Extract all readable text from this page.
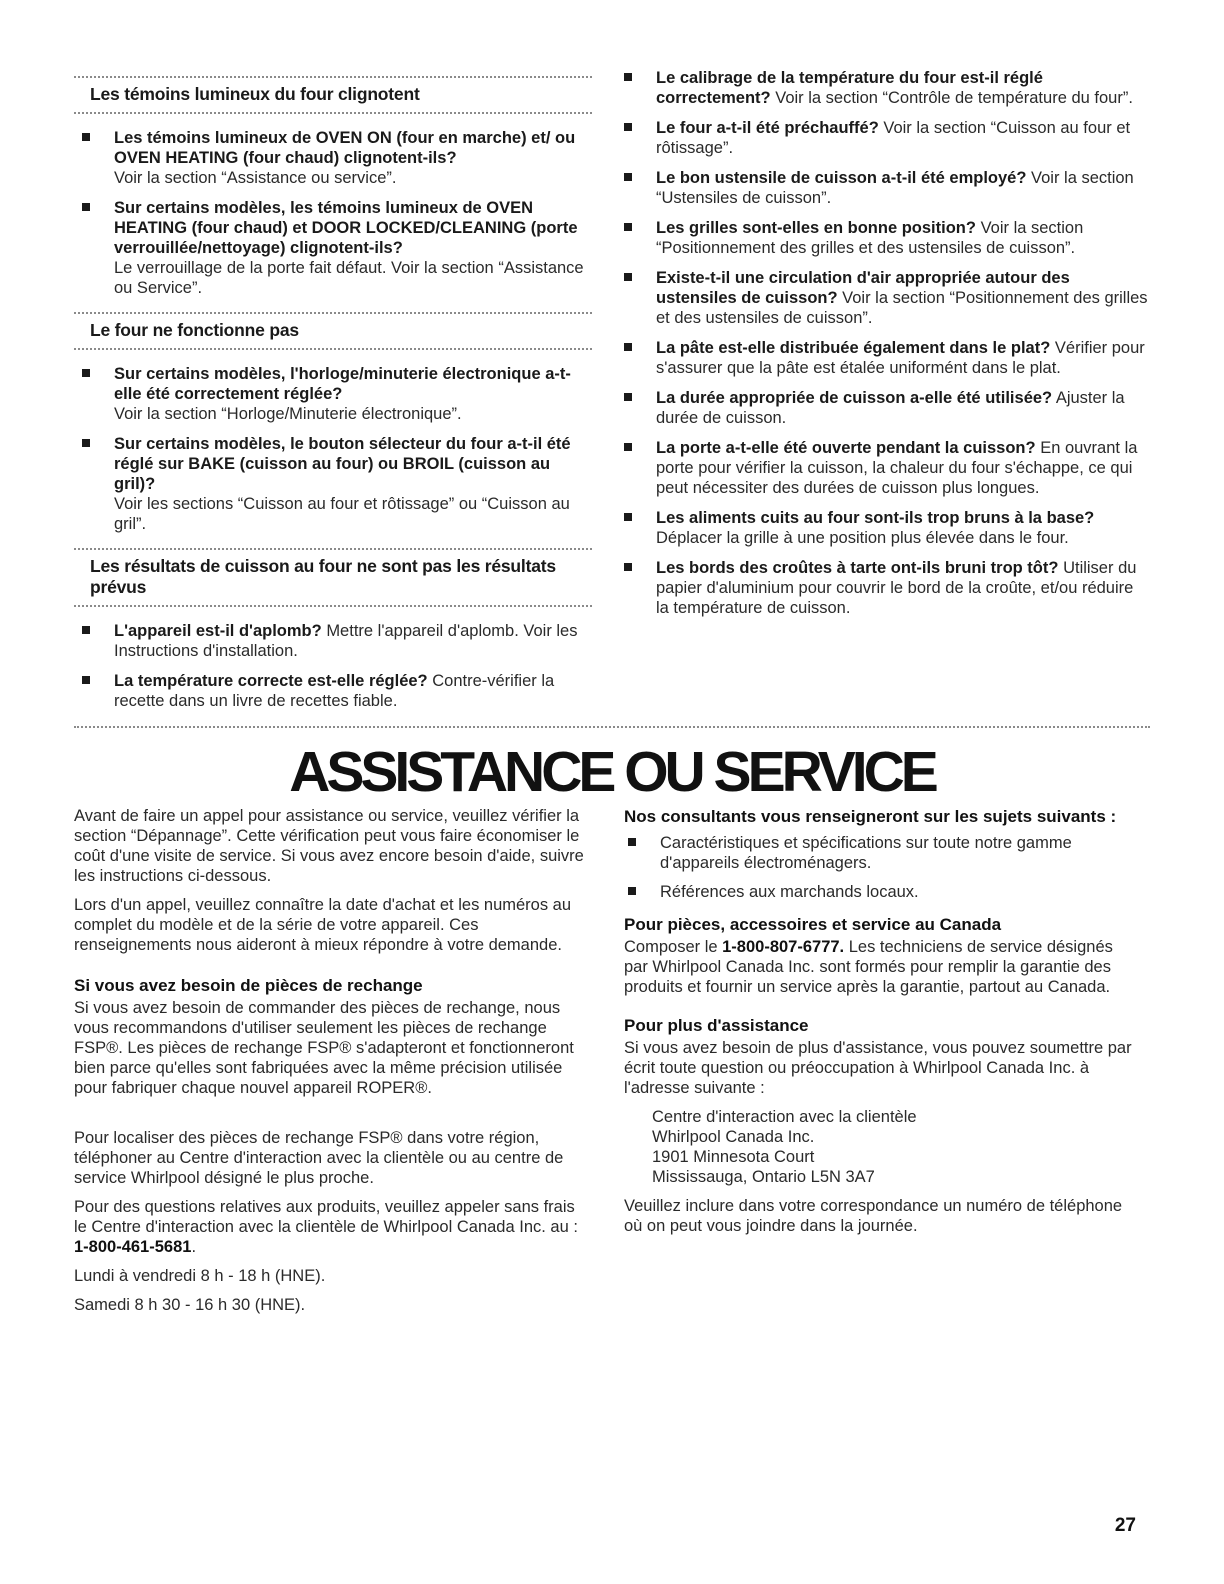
Les témoins lumineux du four clignotent
Les témoins lumineux de OVEN ON (four en marche) et/ ou OVEN HEATING (four chaud) clignotent-ils?
Voir la section “Assistance ou service”.
Sur certains modèles, les témoins lumineux de OVEN HEATING (four chaud) et DOOR LOCKED/CLEANING (porte verrouillée/nettoyage) clignotent-ils?
Le verrouillage de la porte fait défaut. Voir la section “Assistance ou Service”.
Le four ne fonctionne pas
Sur certains modèles, l'horloge/minuterie électronique a-t-elle été correctement réglée?
Voir la section “Horloge/Minuterie électronique”.
Sur certains modèles, le bouton sélecteur du four a-t-il été réglé sur BAKE (cuisson au four) ou BROIL (cuisson au gril)?
Voir les sections “Cuisson au four et rôtissage” ou “Cuisson au gril”.
Les résultats de cuisson au four ne sont pas les résultats prévus
L'appareil est-il d'aplomb? Mettre l'appareil d'aplomb. Voir les Instructions d'installation.
La température correcte est-elle réglée? Contre-vérifier la recette dans un livre de recettes fiable.
Le calibrage de la température du four est-il réglé correctement? Voir la section “Contrôle de température du four”.
Le four a-t-il été préchauffé? Voir la section “Cuisson au four et rôtissage”.
Le bon ustensile de cuisson a-t-il été employé? Voir la section “Ustensiles de cuisson”.
Les grilles sont-elles en bonne position? Voir la section “Positionnement des grilles et des ustensiles de cuisson”.
Existe-t-il une circulation d'air appropriée autour des ustensiles de cuisson? Voir la section “Positionnement des grilles et des ustensiles de cuisson”.
La pâte est-elle distribuée également dans le plat? Vérifier pour s'assurer que la pâte est étalée uniformént dans le plat.
La durée appropriée de cuisson a-elle été utilisée? Ajuster la durée de cuisson.
La porte a-t-elle été ouverte pendant la cuisson? En ouvrant la porte pour vérifier la cuisson, la chaleur du four s'échappe, ce qui peut nécessiter des durées de cuisson plus longues.
Les aliments cuits au four sont-ils trop bruns à la base? Déplacer la grille à une position plus élevée dans le four.
Les bords des croûtes à tarte ont-ils bruni trop tôt? Utiliser du papier d'aluminium pour couvrir le bord de la croûte, et/ou réduire la température de cuisson.
ASSISTANCE OU SERVICE

Avant de faire un appel pour assistance ou service, veuillez vérifier la section “Dépannage”. Cette vérification peut vous faire économiser le coût d'une visite de service. Si vous avez encore besoin d'aide, suivre les instructions ci-dessous.

Lors d'un appel, veuillez connaître la date d'achat et les numéros au complet du modèle et de la série de votre appareil. Ces renseignements nous aideront à mieux répondre à votre demande.

Si vous avez besoin de pièces de rechange

Si vous avez besoin de commander des pièces de rechange, nous vous recommandons d'utiliser seulement les pièces de rechange FSP®. Les pièces de rechange FSP® s'adapteront et fonctionneront bien parce qu'elles sont fabriquées avec la même précision utilisée pour fabriquer chaque nouvel appareil ROPER®.

Pour localiser des pièces de rechange FSP® dans votre région, téléphoner au Centre d'interaction avec la clientèle ou au centre de service Whirlpool désigné le plus proche.

Pour des questions relatives aux produits, veuillez appeler sans frais le Centre d'interaction avec la clientèle de Whirlpool Canada Inc. au : 1-800-461-5681.

Lundi à vendredi 8 h - 18 h (HNE).

Samedi 8 h 30 - 16 h 30 (HNE).

Nos consultants vous renseigneront sur les sujets suivants :
Caractéristiques et spécifications sur toute notre gamme d'appareils électroménagers.
Références aux marchands locaux.
Pour pièces, accessoires et service au Canada

Composer le 1-800-807-6777. Les techniciens de service désignés par Whirlpool Canada Inc. sont formés pour remplir la garantie des produits et fournir un service après la garantie, partout au Canada.

Pour plus d'assistance

Si vous avez besoin de plus d'assistance, vous pouvez soumettre par écrit toute question ou préoccupation à Whirlpool Canada Inc. à l'adresse suivante :

Centre d'interaction avec la clientèle
Whirlpool Canada Inc.
1901 Minnesota Court
Mississauga, Ontario L5N 3A7

Veuillez inclure dans votre correspondance un numéro de téléphone où on peut vous joindre dans la journée.

27
